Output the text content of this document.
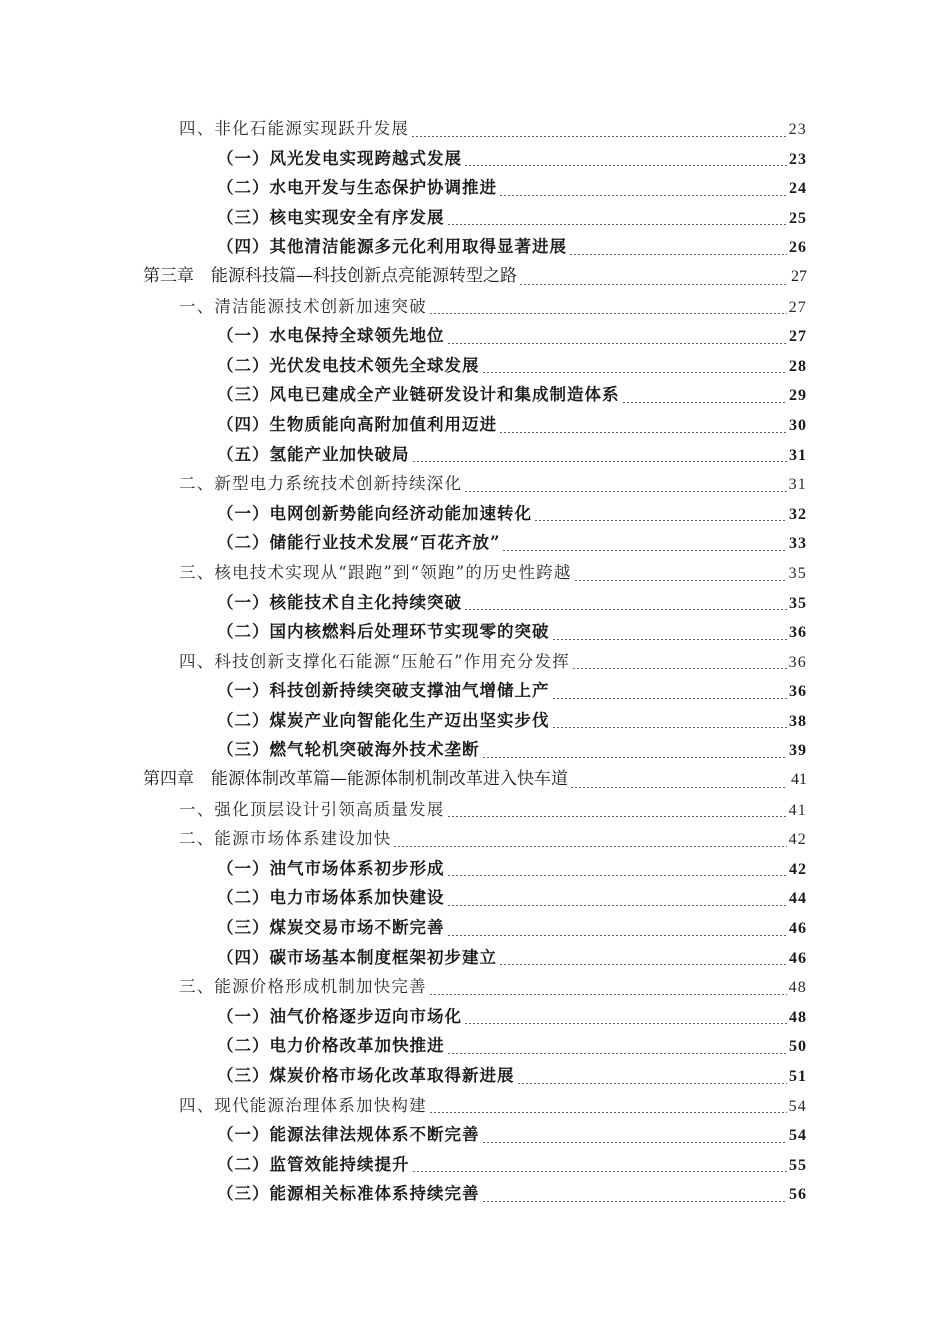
四、非化石能源实现跃升发展	23
（一）风光发电实现跨越式发展	23
（二）水电开发与生态保护协调推进	24
（三）核电实现安全有序发展	25
（四）其他清洁能源多元化利用取得显著进展	26
第三章　能源科技篇—科技创新点亮能源转型之路	27
一、清洁能源技术创新加速突破	27
（一）水电保持全球领先地位	27
（二）光伏发电技术领先全球发展	28
（三）风电已建成全产业链研发设计和集成制造体系	29
（四）生物质能向高附加值利用迈进	30
（五）氢能产业加快破局	31
二、新型电力系统技术创新持续深化	31
（一）电网创新势能向经济动能加速转化	32
（二）储能行业技术发展“百花齐放”	33
三、核电技术实现从“跟跑”到“领跑”的历史性跨越	35
（一）核能技术自主化持续突破	35
（二）国内核燃料后处理环节实现零的突破	36
四、科技创新支撑化石能源“压舱石”作用充分发挥	36
（一）科技创新持续突破支撑油气增储上产	36
（二）煤炭产业向智能化生产迈出坚实步伐	38
（三）燃气轮机突破海外技术垄断	39
第四章　能源体制改革篇—能源体制机制改革进入快车道	41
一、强化顶层设计引领高质量发展	41
二、能源市场体系建设加快	42
（一）油气市场体系初步形成	42
（二）电力市场体系加快建设	44
（三）煤炭交易市场不断完善	46
（四）碳市场基本制度框架初步建立	46
三、能源价格形成机制加快完善	48
（一）油气价格逐步迈向市场化	48
（二）电力价格改革加快推进	50
（三）煤炭价格市场化改革取得新进展	51
四、现代能源治理体系加快构建	54
（一）能源法律法规体系不断完善	54
（二）监管效能持续提升	55
（三）能源相关标准体系持续完善	56
